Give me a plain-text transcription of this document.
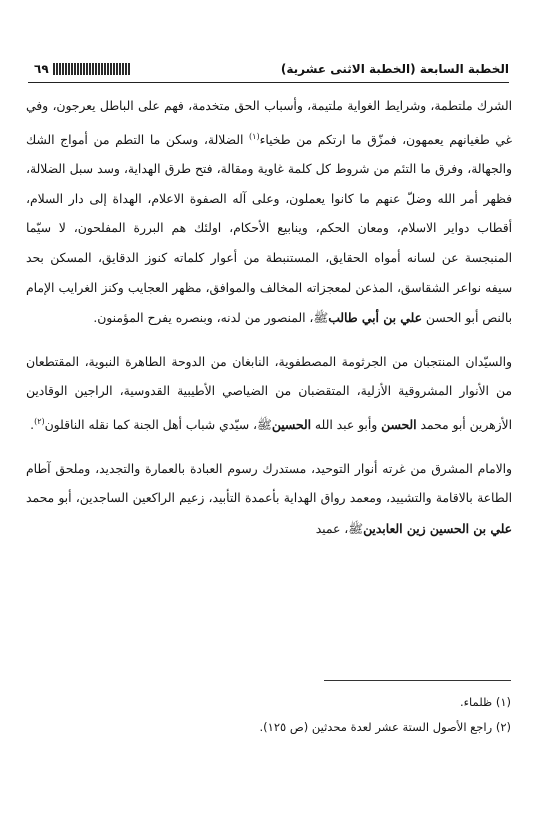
الخطبة السابعة (الخطبة الاثنى عشرية)
٦٩

الشرك ملتطمة، وشرايط الغواية ملتيمة، وأسباب الحق متخدمة، فهم على الباطل يعرجون، وفي غي طغيانهم يعمهون، فمزّق ما ارتكم من طخياء$^{(١)}$ الضلالة، وسكن ما التطم من أمواج الشك والجهالة، وفرق ما التئم من شروط كل كلمة غاوية ومقالة، فتح طرق الهداية، وسد سبل الضلالة، فظهر أمر الله وضلّ عنهم ما كانوا يعملون، وعلى آله الصفوة الاعلام، الهداة إلى دار السلام، أقطاب دواير الاسلام، ومعان الحكم، وينابيع الأحكام، اولئك هم البررة المفلحون، لا سيّما المنبجسة عن لسانه أمواه الحقايق، المستنبطة من أعوار كلماته كنوز الدقايق، المسكن بحد سيفه نواعر الشقاسق، المذعن لمعجزاته المخالف والموافق، مظهر العجايب وكنز الغرايب الإمام بالنص أبو الحسن علي بن أبي طالبﷺ، المنصور من لدنه، وبنصره يفرح المؤمنون.

والسيّدان المنتجبان من الجرثومة المصطفوية، النابغان من الدوحة الطاهرة النبوية، المقتطعان من الأنوار المشروقية الأزلية، المتقضبان من الضياصي الأطيبية القدوسية، الراجين الوقادين الأزهرين أبو محمد الحسن وأبو عبد الله الحسينﷺ، سيّدي شباب أهل الجنة كما نقله الناقلون$^{(٢)}$.

والامام المشرق من غرته أنوار التوحيد، مستدرك رسوم العبادة بالعمارة والتجديد، وملحق آطام الطاعة بالاقامة والتشييد، ومعمد رواق الهداية بأعمدة التأبيد، زعيم الراكعين الساجدين، أبو محمد علي بن الحسين زين العابدينﷺ، عميد

(١) ظلماء.

(٢) راجع الأصول الستة عشر لعدة محدثين (ص ١٢٥).
